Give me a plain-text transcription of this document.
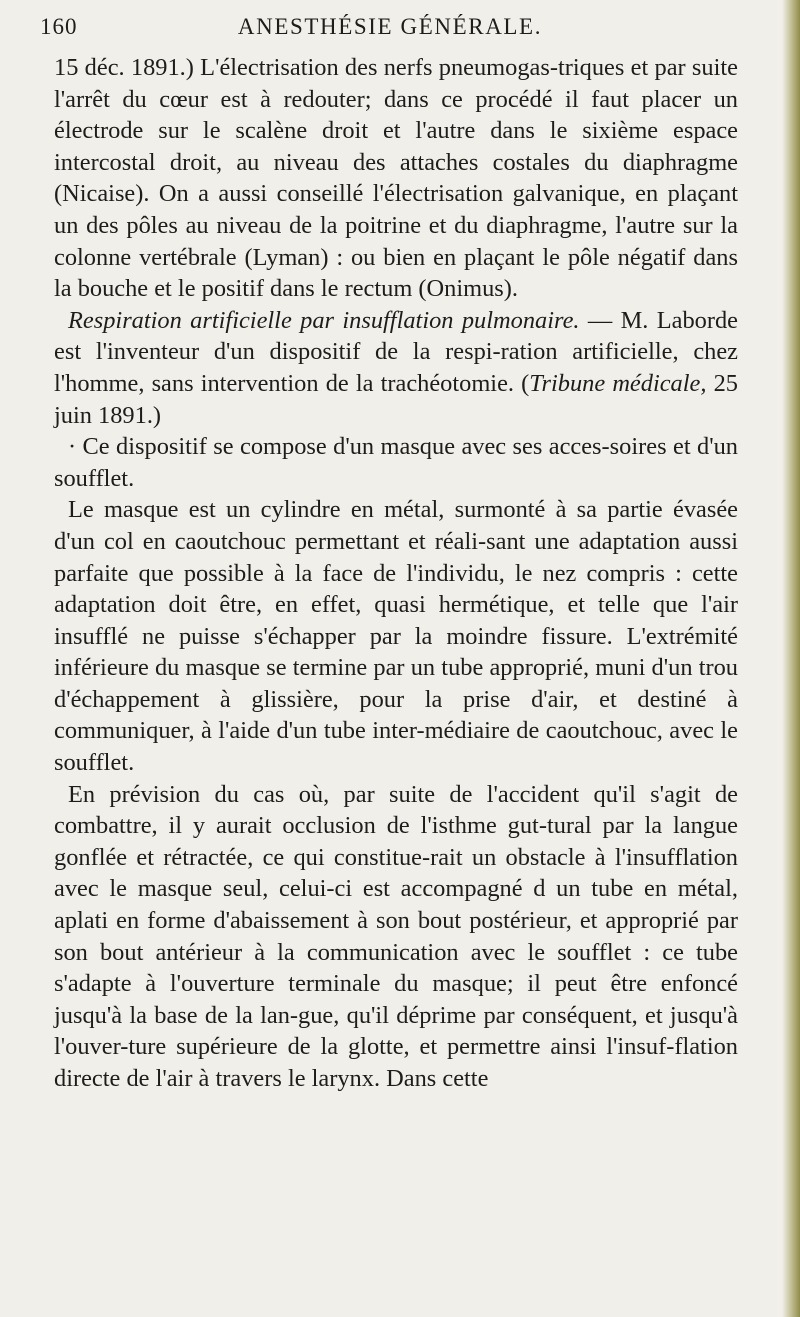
160	ANESTHÉSIE GÉNÉRALE.

15 déc. 1891.) L'électrisation des nerfs pneumogas-triques et par suite l'arrêt du cœur est à redouter; dans ce procédé il faut placer un électrode sur le scalène droit et l'autre dans le sixième espace intercostal droit, au niveau des attaches costales du diaphragme (Nicaise). On a aussi conseillé l'électrisation galvanique, en plaçant un des pôles au niveau de la poitrine et du diaphragme, l'autre sur la colonne vertébrale (Lyman) : ou bien en plaçant le pôle négatif dans la bouche et le positif dans le rectum (Onimus).

Respiration artificielle par insufflation pulmonaire. — M. Laborde est l'inventeur d'un dispositif de la respi-ration artificielle, chez l'homme, sans intervention de la trachéotomie. (Tribune médicale, 25 juin 1891.)

· Ce dispositif se compose d'un masque avec ses acces-soires et d'un soufflet.

Le masque est un cylindre en métal, surmonté à sa partie évasée d'un col en caoutchouc permettant et réali-sant une adaptation aussi parfaite que possible à la face de l'individu, le nez compris : cette adaptation doit être, en effet, quasi hermétique, et telle que l'air insufflé ne puisse s'échapper par la moindre fissure. L'extrémité inférieure du masque se termine par un tube approprié, muni d'un trou d'échappement à glissière, pour la prise d'air, et destiné à communiquer, à l'aide d'un tube inter-médiaire de caoutchouc, avec le soufflet.

En prévision du cas où, par suite de l'accident qu'il s'agit de combattre, il y aurait occlusion de l'isthme gut-tural par la langue gonflée et rétractée, ce qui constitue-rait un obstacle à l'insufflation avec le masque seul, celui-ci est accompagné d un tube en métal, aplati en forme d'abaissement à son bout postérieur, et approprié par son bout antérieur à la communication avec le soufflet : ce tube s'adapte à l'ouverture terminale du masque; il peut être enfoncé jusqu'à la base de la lan-gue, qu'il déprime par conséquent, et jusqu'à l'ouver-ture supérieure de la glotte, et permettre ainsi l'insuf-flation directe de l'air à travers le larynx. Dans cette
